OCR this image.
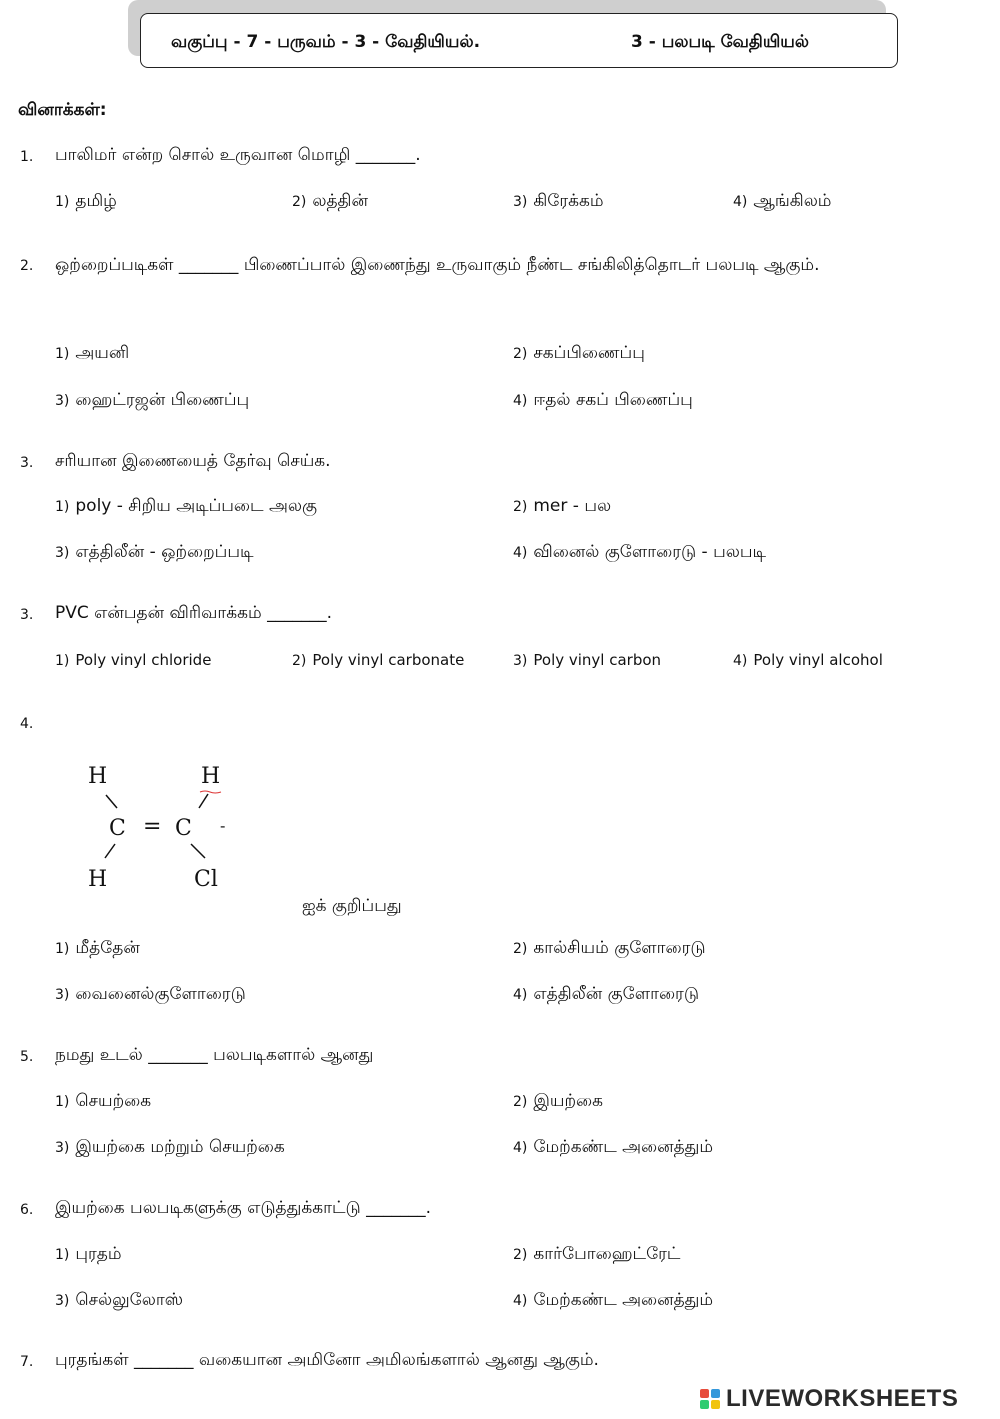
வகுப்பு - 7 - பருவம் - 3 - வேதியியல்.	3 - பலபடி வேதியியல்
வினாக்கள்:
1. பாலிமர் என்ற சொல் உருவான மொழி _______.
1) தமிழ்	2) லத்தின்	3) கிரேக்கம்	4) ஆங்கிலம்
2. ஒற்றைப்படிகள் _______ பிணைப்பால் இணைந்து உருவாகும் நீண்ட சங்கிலித்தொடர் பலபடி ஆகும்.
1) அயனி	2) சகப்பிணைப்பு
3) ஹைட்ரஜன் பிணைப்பு	4) ஈதல் சகப் பிணைப்பு
3. சரியான இணையைத் தேர்வு செய்க.
1) poly - சிறிய அடிப்படை அலகு	2) mer - பல
3) எத்திலீன் - ஒற்றைப்படி	4) வினைல் குளோரைடு - பலபடி
3. PVC என்பதன் விரிவாக்கம் _______.
1) Poly vinyl chloride	2) Poly vinyl carbonate	3) Poly vinyl carbon	4) Poly vinyl alcohol
4.
H	H
C = C -
H	Cl
ஐக் குறிப்பது
1) மீத்தேன்	2) கால்சியம் குளோரைடு
3) வைனைல்குளோரைடு	4) எத்திலீன் குளோரைடு
5. நமது உடல் _______ பலபடிகளால் ஆனது
1) செயற்கை	2) இயற்கை
3) இயற்கை மற்றும் செயற்கை	4) மேற்கண்ட அனைத்தும்
6. இயற்கை பலபடிகளுக்கு எடுத்துக்காட்டு _______.
1) புரதம்	2) கார்போஹைட்ரேட்
3) செல்லுலோஸ்	4) மேற்கண்ட அனைத்தும்
7. புரதங்கள் _______ வகையான அமினோ அமிலங்களால் ஆனது ஆகும்.
LIVEWORKSHEETS
